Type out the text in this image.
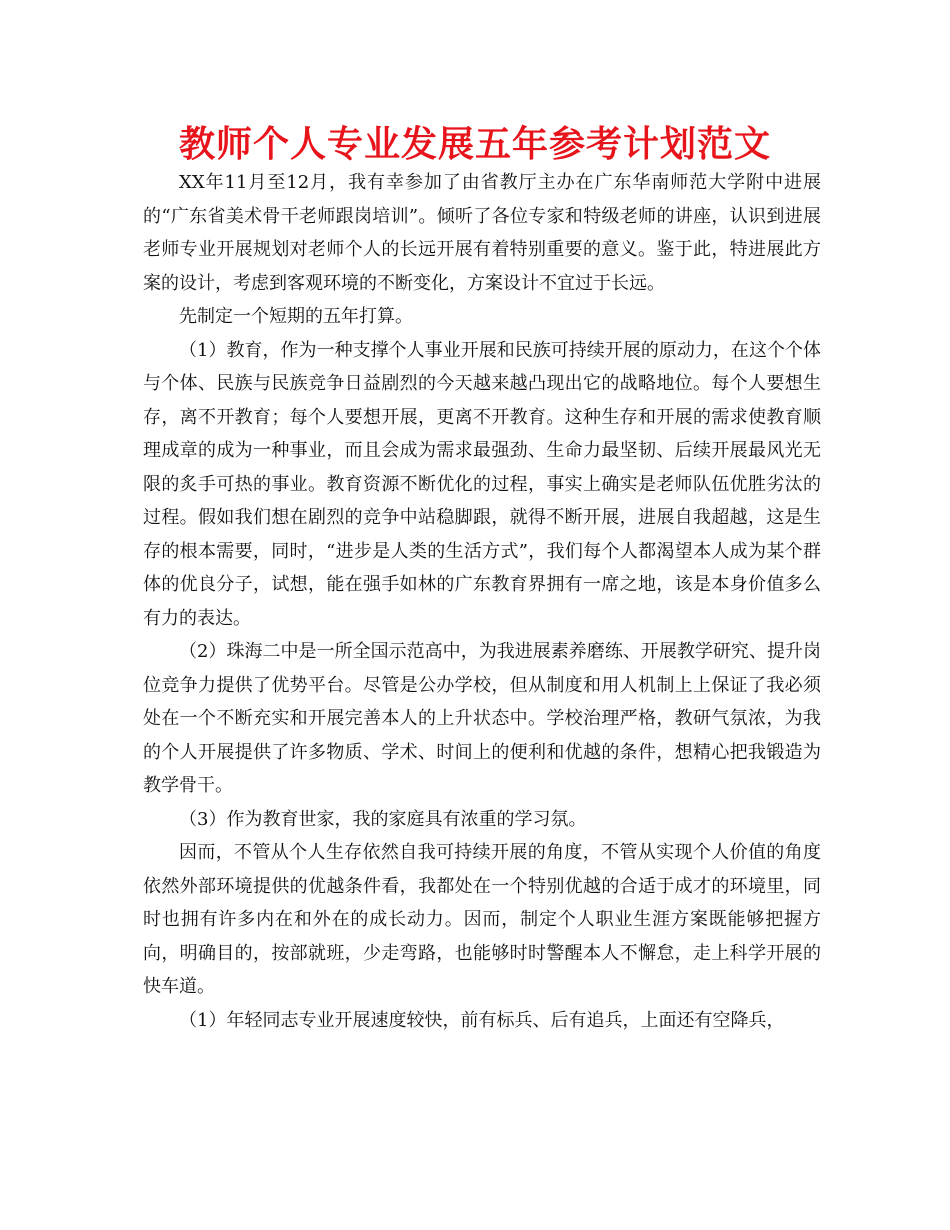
教师个人专业发展五年参考计划范文

XX年11月至12月，我有幸参加了由省教厅主办在广东华南师范大学附中进展的“广东省美术骨干老师跟岗培训”。倾听了各位专家和特级老师的讲座，认识到进展老师专业开展规划对老师个人的长远开展有着特别重要的意义。鉴于此，特进展此方案的设计，考虑到客观环境的不断变化，方案设计不宜过于长远。

先制定一个短期的五年打算。

（1）教育，作为一种支撑个人事业开展和民族可持续开展的原动力，在这个个体与个体、民族与民族竞争日益剧烈的今天越来越凸现出它的战略地位。每个人要想生存，离不开教育；每个人要想开展，更离不开教育。这种生存和开展的需求使教育顺理成章的成为一种事业，而且会成为需求最强劲、生命力最坚韧、后续开展最风光无限的炙手可热的事业。教育资源不断优化的过程，事实上确实是老师队伍优胜劣汰的过程。假如我们想在剧烈的竞争中站稳脚跟，就得不断开展，进展自我超越，这是生存的根本需要，同时，“进步是人类的生活方式”，我们每个人都渴望本人成为某个群体的优良分子，试想，能在强手如林的广东教育界拥有一席之地，该是本身价值多么有力的表达。

（2）珠海二中是一所全国示范高中，为我进展素养磨练、开展教学研究、提升岗位竞争力提供了优势平台。尽管是公办学校，但从制度和用人机制上上保证了我必须处在一个不断充实和开展完善本人的上升状态中。学校治理严格，教研气氛浓，为我的个人开展提供了许多物质、学术、时间上的便利和优越的条件，想精心把我锻造为教学骨干。

（3）作为教育世家，我的家庭具有浓重的学习氛。

因而，不管从个人生存依然自我可持续开展的角度，不管从实现个人价值的角度依然外部环境提供的优越条件看，我都处在一个特别优越的合适于成才的环境里，同时也拥有许多内在和外在的成长动力。因而，制定个人职业生涯方案既能够把握方向，明确目的，按部就班，少走弯路，也能够时时警醒本人不懈怠，走上科学开展的快车道。

（1）年轻同志专业开展速度较快，前有标兵、后有追兵，上面还有空降兵，
